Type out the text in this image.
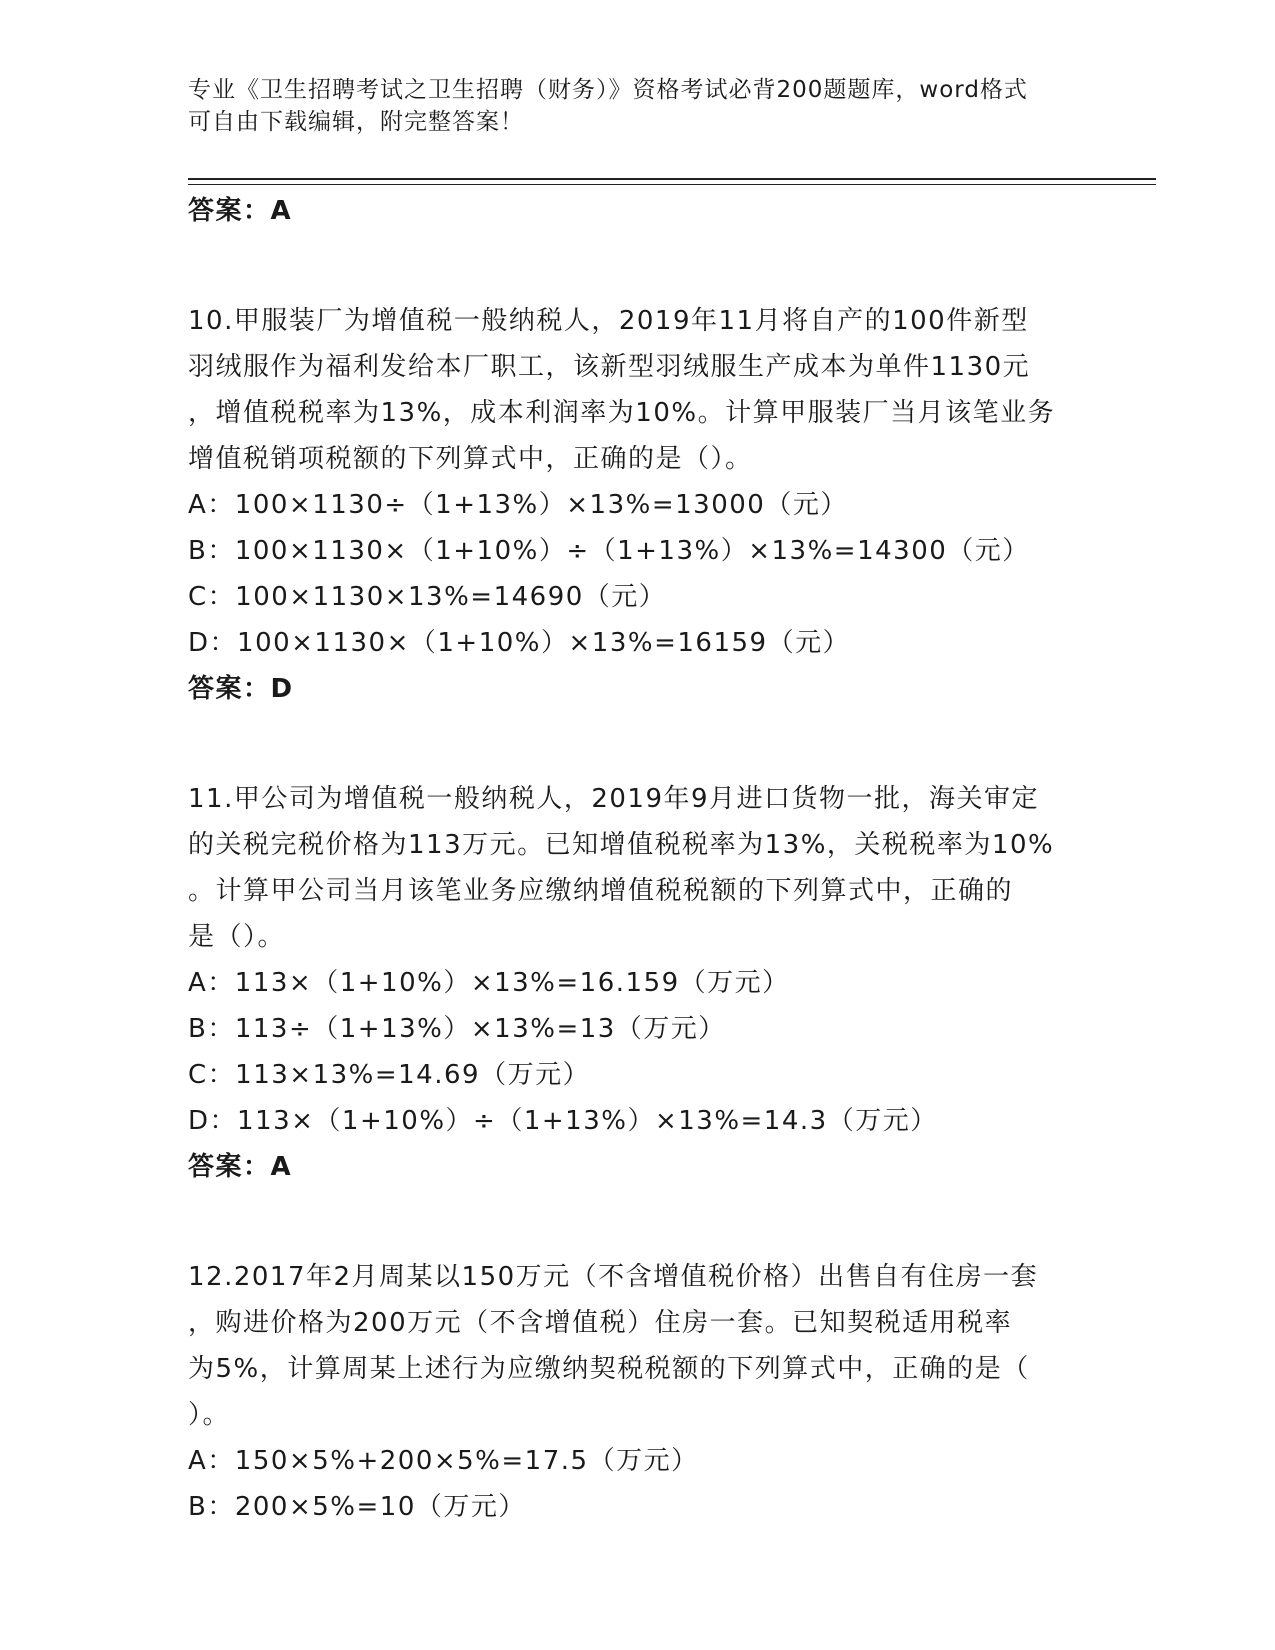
专业《卫生招聘考试之卫生招聘（财务）》资格考试必背200题题库，word格式
可自由下载编辑，附完整答案！
答案：A
10.甲服装厂为增值税一般纳税人，2019年11月将自产的100件新型
羽绒服作为福利发给本厂职工，该新型羽绒服生产成本为单件1130元
，增值税税率为13%，成本利润率为10%。计算甲服装厂当月该笔业务
增值税销项税额的下列算式中，正确的是（）。
A：100×1130÷（1+13%）×13%=13000（元）
B：100×1130×（1+10%）÷（1+13%）×13%=14300（元）
C：100×1130×13%=14690（元）
D：100×1130×（1+10%）×13%=16159（元）
答案：D
11.甲公司为增值税一般纳税人，2019年9月进口货物一批，海关审定
的关税完税价格为113万元。已知增值税税率为13%，关税税率为10%
。计算甲公司当月该笔业务应缴纳增值税税额的下列算式中，正确的
是（）。
A：113×（1+10%）×13%=16.159（万元）
B：113÷（1+13%）×13%=13（万元）
C：113×13%=14.69（万元）
D：113×（1+10%）÷（1+13%）×13%=14.3（万元）
答案：A
12.2017年2月周某以150万元（不含增值税价格）出售自有住房一套
，购进价格为200万元（不含增值税）住房一套。已知契税适用税率
为5%，计算周某上述行为应缴纳契税税额的下列算式中，正确的是（
）。
A：150×5%+200×5%=17.5（万元）
B：200×5%=10（万元）
